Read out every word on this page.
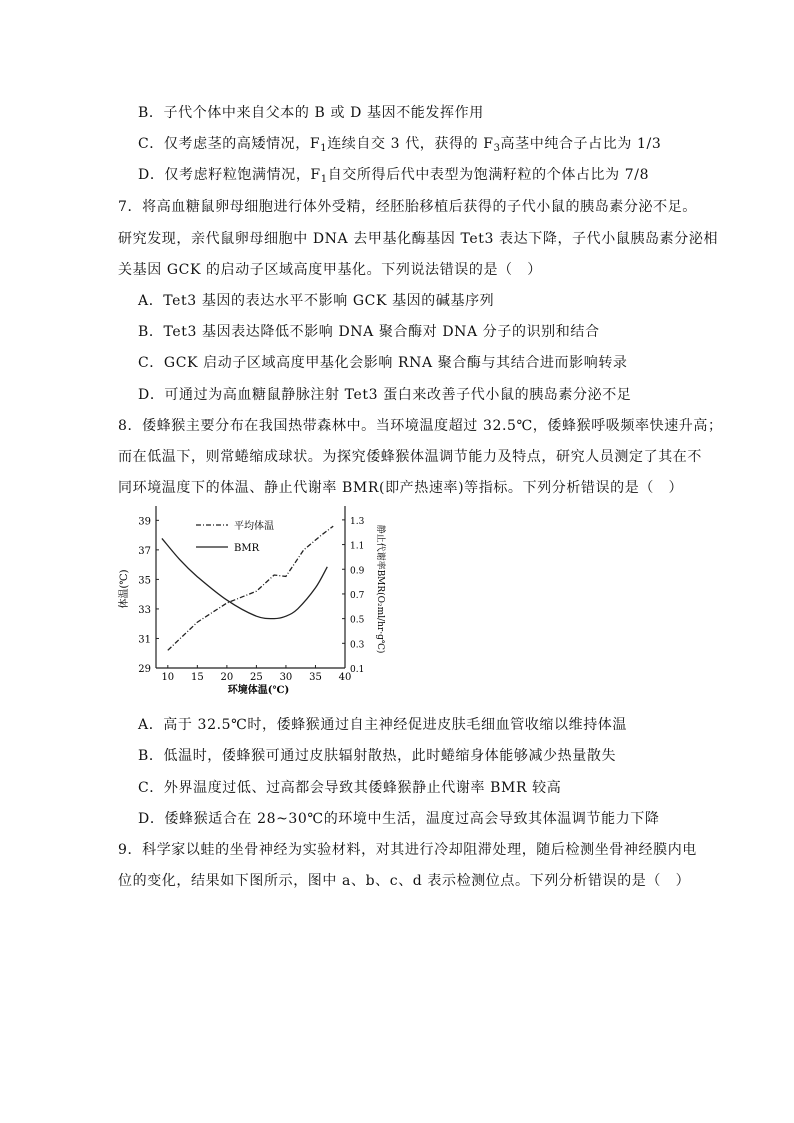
B．子代个体中来自父本的 B 或 D 基因不能发挥作用
C．仅考虑茎的高矮情况，$F_1$连续自交 3 代，获得的 $F_3$高茎中纯合子占比为 1/3
D．仅考虑籽粒饱满情况，$F_1$自交所得后代中表型为饱满籽粒的个体占比为 7/8
7．将高血糖鼠卵母细胞进行体外受精，经胚胎移植后获得的子代小鼠的胰岛素分泌不足。
研究发现，亲代鼠卵母细胞中 DNA 去甲基化酶基因 Tet3 表达下降，子代小鼠胰岛素分泌相
关基因 GCK 的启动子区域高度甲基化。下列说法错误的是（　）
A．Tet3 基因的表达水平不影响 GCK 基因的碱基序列
B．Tet3 基因表达降低不影响 DNA 聚合酶对 DNA 分子的识别和结合
C．GCK 启动子区域高度甲基化会影响 RNA 聚合酶与其结合进而影响转录
D．可通过为高血糖鼠静脉注射 Tet3 蛋白来改善子代小鼠的胰岛素分泌不足
8．倭蜂猴主要分布在我国热带森林中。当环境温度超过 32.5℃，倭蜂猴呼吸频率快速升高；
而在低温下，则常蜷缩成球状。为探究倭蜂猴体温调节能力及特点，研究人员测定了其在不
同环境温度下的体温、静止代谢率 BMR(即产热速率)等指标。下列分析错误的是（　）
10 15 20 25 30 35 40
29
31
33
35
37
39
0.1
0.3
0.5
0.7
0.9
1.1
1.3
平均体温
BMR
体温(℃)	静止代谢率BMR(O₂ml/hr·g℃)
环境体温(℃)
A．高于 32.5℃时，倭蜂猴通过自主神经促进皮肤毛细血管收缩以维持体温
B．低温时，倭蜂猴可通过皮肤辐射散热，此时蜷缩身体能够减少热量散失
C．外界温度过低、过高都会导致其倭蜂猴静止代谢率 BMR 较高
D．倭蜂猴适合在 28~30℃的环境中生活，温度过高会导致其体温调节能力下降
9．科学家以蛙的坐骨神经为实验材料，对其进行冷却阻滞处理，随后检测坐骨神经膜内电
位的变化，结果如下图所示，图中 a、b、c、d 表示检测位点。下列分析错误的是（　）
